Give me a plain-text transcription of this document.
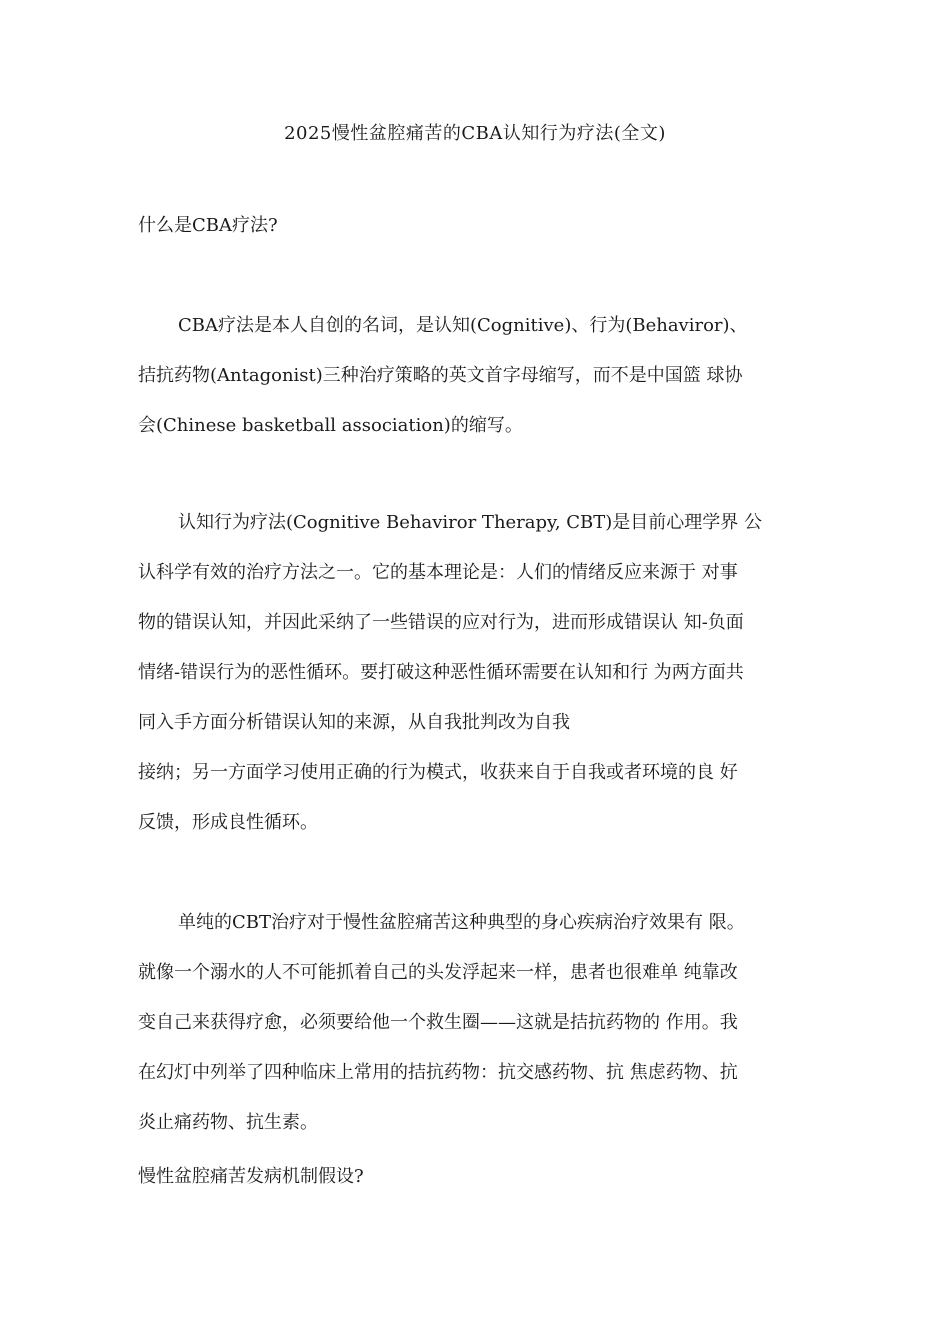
2025慢性盆腔痛苦的CBA认知行为疗法(全文)
什么是CBA疗法?
CBA疗法是本人自创的名词，是认知(Cognitive)、行为(Behaviror)、
拮抗药物(Antagonist)三种治疗策略的英文首字母缩写，而不是中国篮 球协
会(Chinese basketball association)的缩写。
认知行为疗法(Cognitive Behaviror Therapy, CBT)是目前心理学界 公
认科学有效的治疗方法之一。它的基本理论是：人们的情绪反应来源于 对事
物的错误认知，并因此采纳了一些错误的应对行为，进而形成错误认 知-负面
情绪-错误行为的恶性循环。要打破这种恶性循环需要在认知和行 为两方面共
同入手方面分析错误认知的来源，从自我批判改为自我
接纳；另一方面学习使用正确的行为模式，收获来自于自我或者环境的良 好
反馈，形成良性循环。
单纯的CBT治疗对于慢性盆腔痛苦这种典型的身心疾病治疗效果有 限。
就像一个溺水的人不可能抓着自己的头发浮起来一样，患者也很难单 纯靠改
变自己来获得疗愈，必须要给他一个救生圈——这就是拮抗药物的 作用。我
在幻灯中列举了四种临床上常用的拮抗药物：抗交感药物、抗 焦虑药物、抗
炎止痛药物、抗生素。
慢性盆腔痛苦发病机制假设?
